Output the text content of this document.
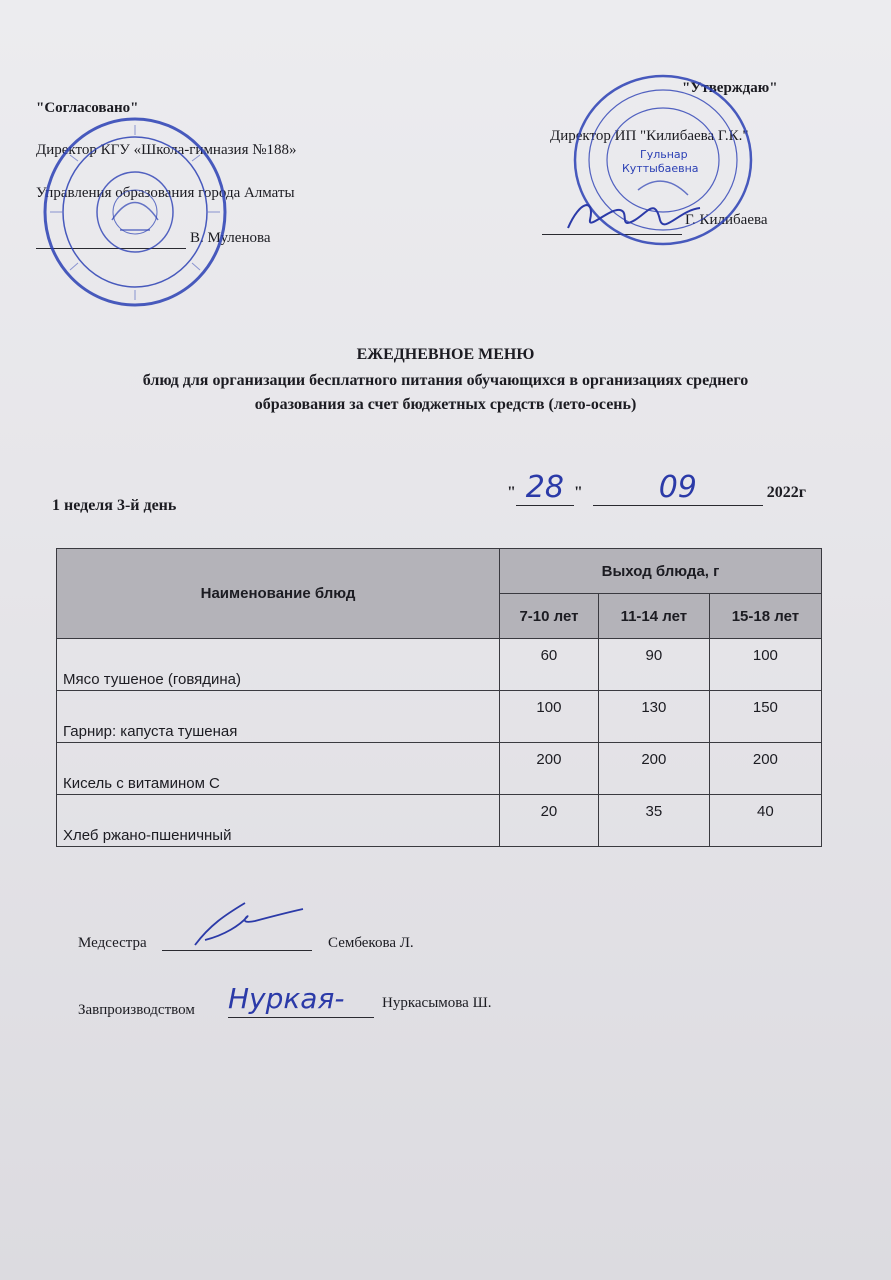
"Согласовано"
Директор КГУ «Школа-гимназия №188»
Управления образования города Алматы
В. Муленова
"Утверждаю"
Директор ИП "Килибаева Г.К."
Г. Килибаева
Гульнар
Куттыбаевна
ЕЖЕДНЕВНОЕ МЕНЮ
блюд для организации бесплатного питания обучающихся в организациях среднего
образования за счет бюджетных средств (лето-осень)
1 неделя 3-й день
" 28 "	09	2022г
Наименование блюд	Выход блюда, г		
	7-10 лет	11-14 лет	15-18 лет
Мясо тушеное (говядина)	60	90	100
Гарнир: капуста тушеная	100	130	150
Кисель с витамином С	200	200	200
Хлеб ржано-пшеничный	20	35	40
Медсестра	Сембекова Л.
Завпроизводством Нуркая-	Нуркасымова Ш.
